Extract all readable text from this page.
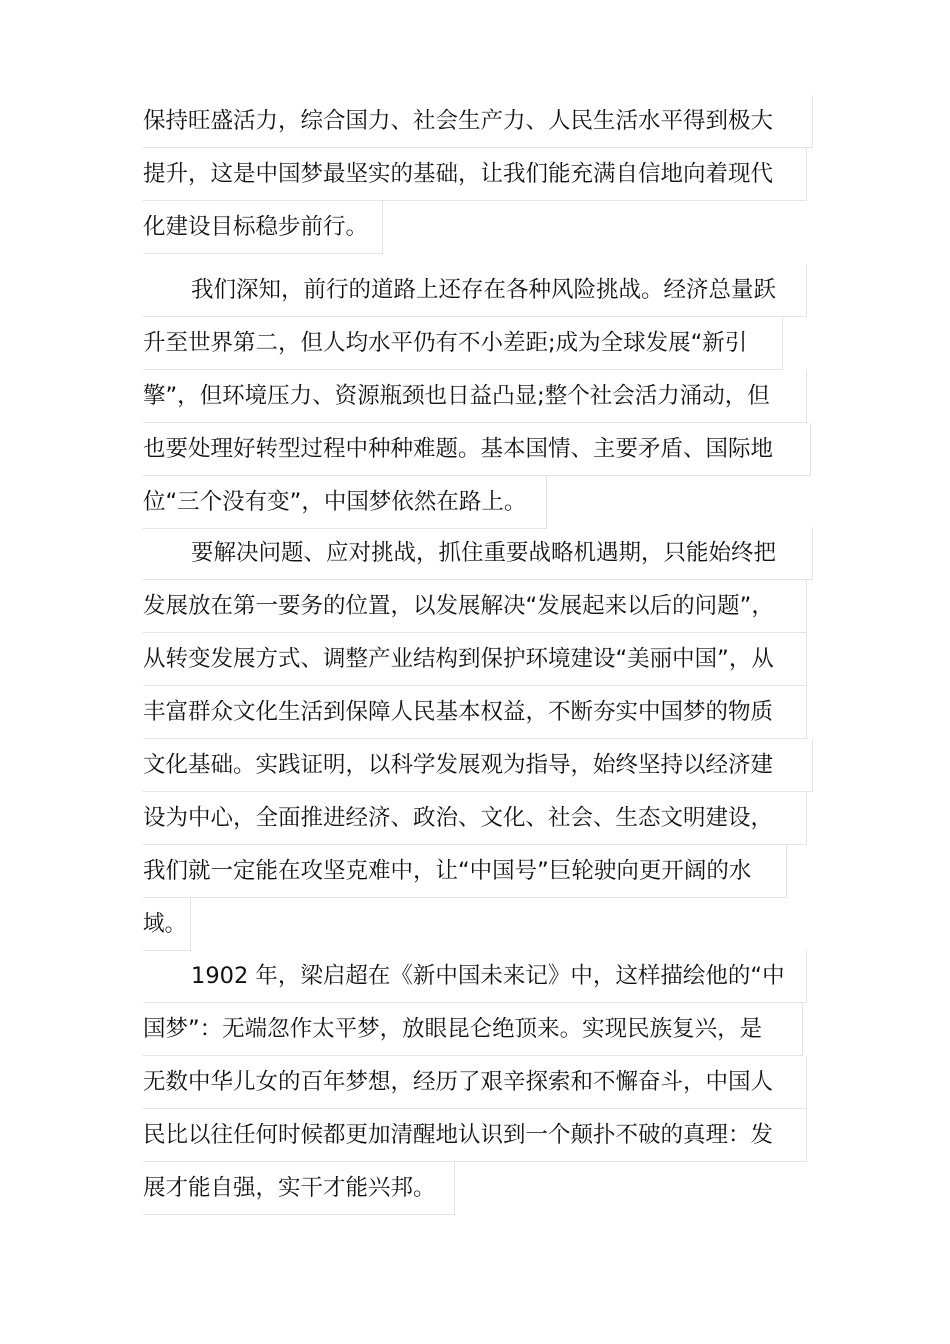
保持旺盛活力，综合国力、社会生产力、人民生活水平得到极大
提升，这是中国梦最坚实的基础，让我们能充满自信地向着现代
化建设目标稳步前行。
我们深知，前行的道路上还存在各种风险挑战。经济总量跃
升至世界第二，但人均水平仍有不小差距;成为全球发展“新引
擎”，但环境压力、资源瓶颈也日益凸显;整个社会活力涌动，但
也要处理好转型过程中种种难题。基本国情、主要矛盾、国际地
位“三个没有变”，中国梦依然在路上。
要解决问题、应对挑战，抓住重要战略机遇期，只能始终把
发展放在第一要务的位置，以发展解决“发展起来以后的问题”，
从转变发展方式、调整产业结构到保护环境建设“美丽中国”，从
丰富群众文化生活到保障人民基本权益，不断夯实中国梦的物质
文化基础。实践证明，以科学发展观为指导，始终坚持以经济建
设为中心，全面推进经济、政治、文化、社会、生态文明建设，
我们就一定能在攻坚克难中，让“中国号”巨轮驶向更开阔的水
域。
1902 年，梁启超在《新中国未来记》中，这样描绘他的“中
国梦”：无端忽作太平梦，放眼昆仑绝顶来。实现民族复兴，是
无数中华儿女的百年梦想，经历了艰辛探索和不懈奋斗，中国人
民比以往任何时候都更加清醒地认识到一个颠扑不破的真理：发
展才能自强，实干才能兴邦。
